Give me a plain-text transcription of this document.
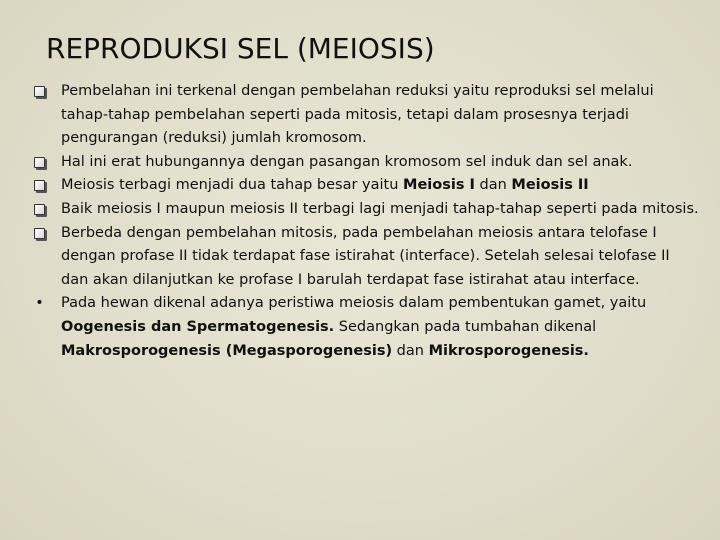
REPRODUKSI SEL (MEIOSIS)
Pembelahan ini terkenal dengan pembelahan reduksi yaitu reproduksi sel melalui tahap-tahap pembelahan seperti pada mitosis, tetapi dalam prosesnya terjadi pengurangan (reduksi) jumlah kromosom.
Hal ini erat hubungannya dengan pasangan kromosom sel induk dan sel anak.
Meiosis terbagi menjadi dua tahap besar yaitu Meiosis I dan Meiosis II
Baik meiosis I maupun meiosis II terbagi lagi menjadi tahap-tahap seperti pada mitosis.
Berbeda dengan pembelahan mitosis, pada pembelahan meiosis antara telofase I dengan profase II tidak terdapat fase istirahat (interface). Setelah selesai telofase II dan akan dilanjutkan ke profase I barulah terdapat fase istirahat atau interface.
• Pada hewan dikenal adanya peristiwa meiosis dalam pembentukan gamet, yaitu Oogenesis dan Spermatogenesis. Sedangkan pada tumbahan dikenal Makrosporogenesis (Megasporogenesis) dan Mikrosporogenesis.
